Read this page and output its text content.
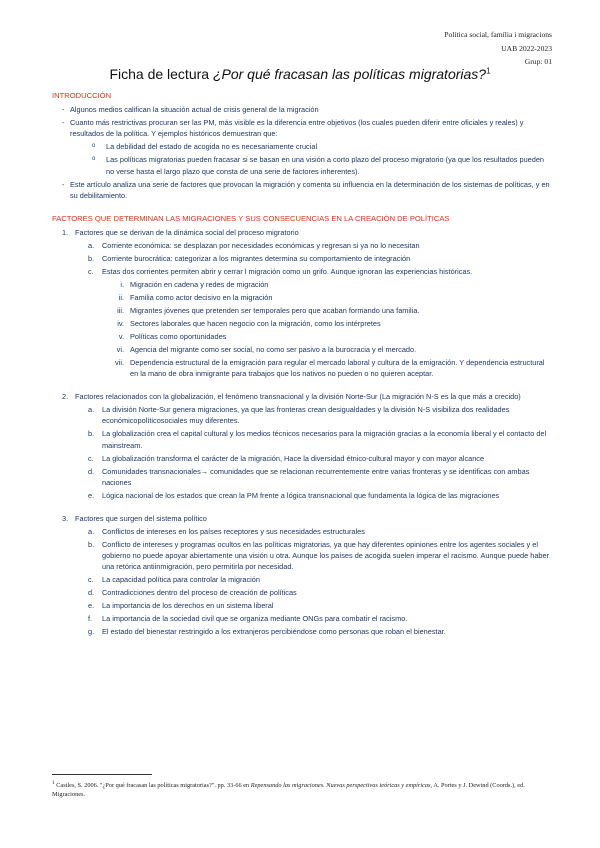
Política social, família i migracions
UAB 2022-2023
Grup: 01
Ficha de lectura ¿Por qué fracasan las políticas migratorias?$^1$
INTRODUCCIÓN
- Algunos medios califican la situación actual de crisis general de la migración
- Cuanto más restrictivas procuran ser las PM, más visible es la diferencia entre objetivos (los cuales pueden diferir entre oficiales y reales) y resultados de la política. Y ejemplos históricos demuestran que:
o	La debilidad del estado de acogida no es necesariamente crucial
o	Las políticas migratorias pueden fracasar si se basan en una visión a corto plazo del proceso migratorio (ya que los resultados pueden no verse hasta el largo plazo que consta de una serie de factores inherentes).
- Este artículo analiza una serie de factores que provocan la migración y comenta su influencia en la determinación de los sistemas de políticas, y en su debilitamiento.
FACTORES QUE DETERMINAN LAS MIGRACIONES Y SUS CONSECUENCIAS EN LA CREACIÓN DE POLÍTICAS
1. Factores que se derivan de la dinámica social del proceso migratorio
a.	Corriente económica: se desplazan por necesidades económicas y regresan si ya no lo necesitan
b.	Corriente burocrática: categorizar a los migrantes determina su comportamiento de integración
c.	Estas dos corrientes permiten abrir y cerrar l migración como un grifo. Aunque ignoran las experiencias históricas.
i. Migración en cadena y redes de migración
ii. Familia como actor decisivo en la migración
iii. Migrantes jóvenes que pretenden ser temporales pero que acaban formando una familia.
iv. Sectores laborales que hacen negocio con la migración, como los intérpretes
v. Políticas como oportunidades
vi. Agencia del migrante como ser social, no como ser pasivo a la burocracia y el mercado.
vii. Dependencia estructural de la emigración para regular el mercado laboral y cultura de la emigración. Y dependencia estructural en la mano de obra inmigrante para trabajos que los nativos no pueden o no quieren aceptar.
2. Factores relacionados con la globalización, el fenómeno transnacional y la división Norte-Sur (La migración N-S es la que más a crecido)
a.	La división Norte-Sur genera migraciones, ya que las fronteras crean desigualdades y la división N-S visibiliza dos realidades económicopolíticosociales muy diferentes.
b.	La globalización crea el capital cultural y los medios técnicos necesarios para la migración gracias a la economía liberal y el contacto del mainstream.
c.	La globalización transforma el carácter de la migración, Hace la diversidad étnico-cultural mayor y con mayor alcance
d.	Comunidades transnacionales→ comunidades que se relacionan recurrentemente entre varias fronteras y se identificas con ambas naciones
e.	Lógica nacional de los estados que crean la PM frente a lógica transnacional que fundamenta la lógica de las migraciones
3. Factores que surgen del sistema político
a.	Conflictos de intereses en los países receptores y sus necesidades estructurales
b.	Conflicto de intereses y programas ocultos en las políticas migratorias, ya que hay diferentes opiniones entre los agentes sociales y el gobierno no puede apoyar abiertamente una visión u otra. Aunque los países de acogida suelen imperar el racismo. Aunque puede haber una retórica antiinmigración, pero permitirla por necesidad.
c.	La capacidad política para controlar la migración
d.	Contradicciones dentro del proceso de creación de políticas
e.	La importancia de los derechos en un sistema liberal
f.	La importancia de la sociedad civil que se organiza mediante ONGs para combatir el racismo.
g.	El estado del bienestar restringido a los extranjeros percibiéndose como personas que roban el bienestar.
$^1$ Castles, S. 2006. "¿Por qué fracasan las políticas migratorias?". pp. 33-66 en Repensando las migraciones. Nuevas perspectivas teóricas y empíricas, A. Portes y J. Dewind (Coords.), ed. Migraciones.
